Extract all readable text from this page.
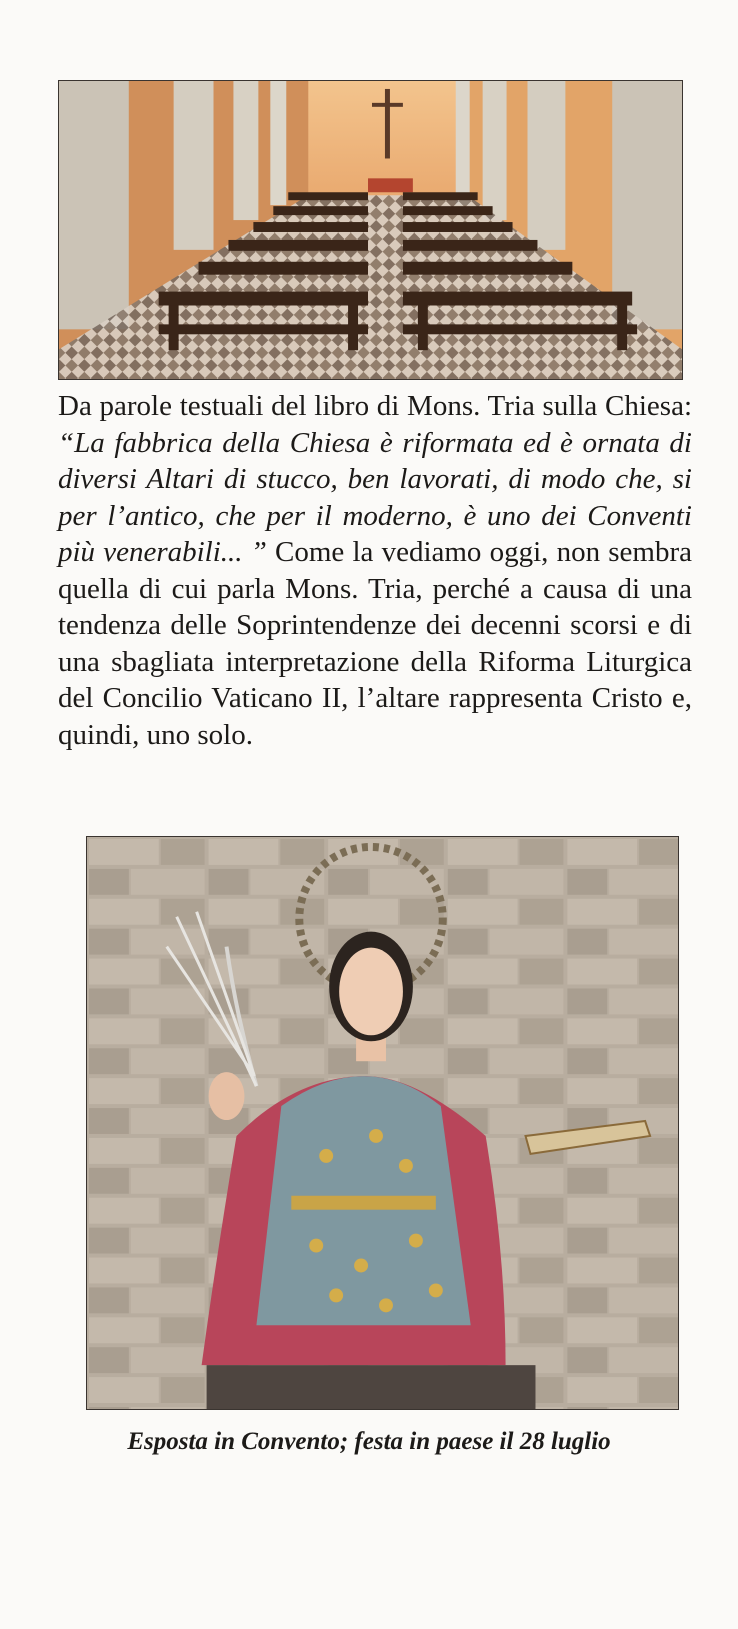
Da parole testuali del libro di Mons. Tria sulla Chiesa: “La fabbrica della Chiesa è riformata ed è ornata di diversi Altari di stucco, ben lavorati, di modo che, si per l’antico, che per il moderno, è uno dei Conventi più venerabili... ” Come la vediamo oggi, non sembra quella di cui parla Mons. Tria, perché a causa di una tendenza delle Soprintendenze dei decenni scorsi e di una sbagliata interpretazione della Riforma Liturgica del Concilio Vaticano II, l’altare rappresenta Cristo e, quindi, uno solo.

Esposta in Convento; festa in paese il 28 luglio
